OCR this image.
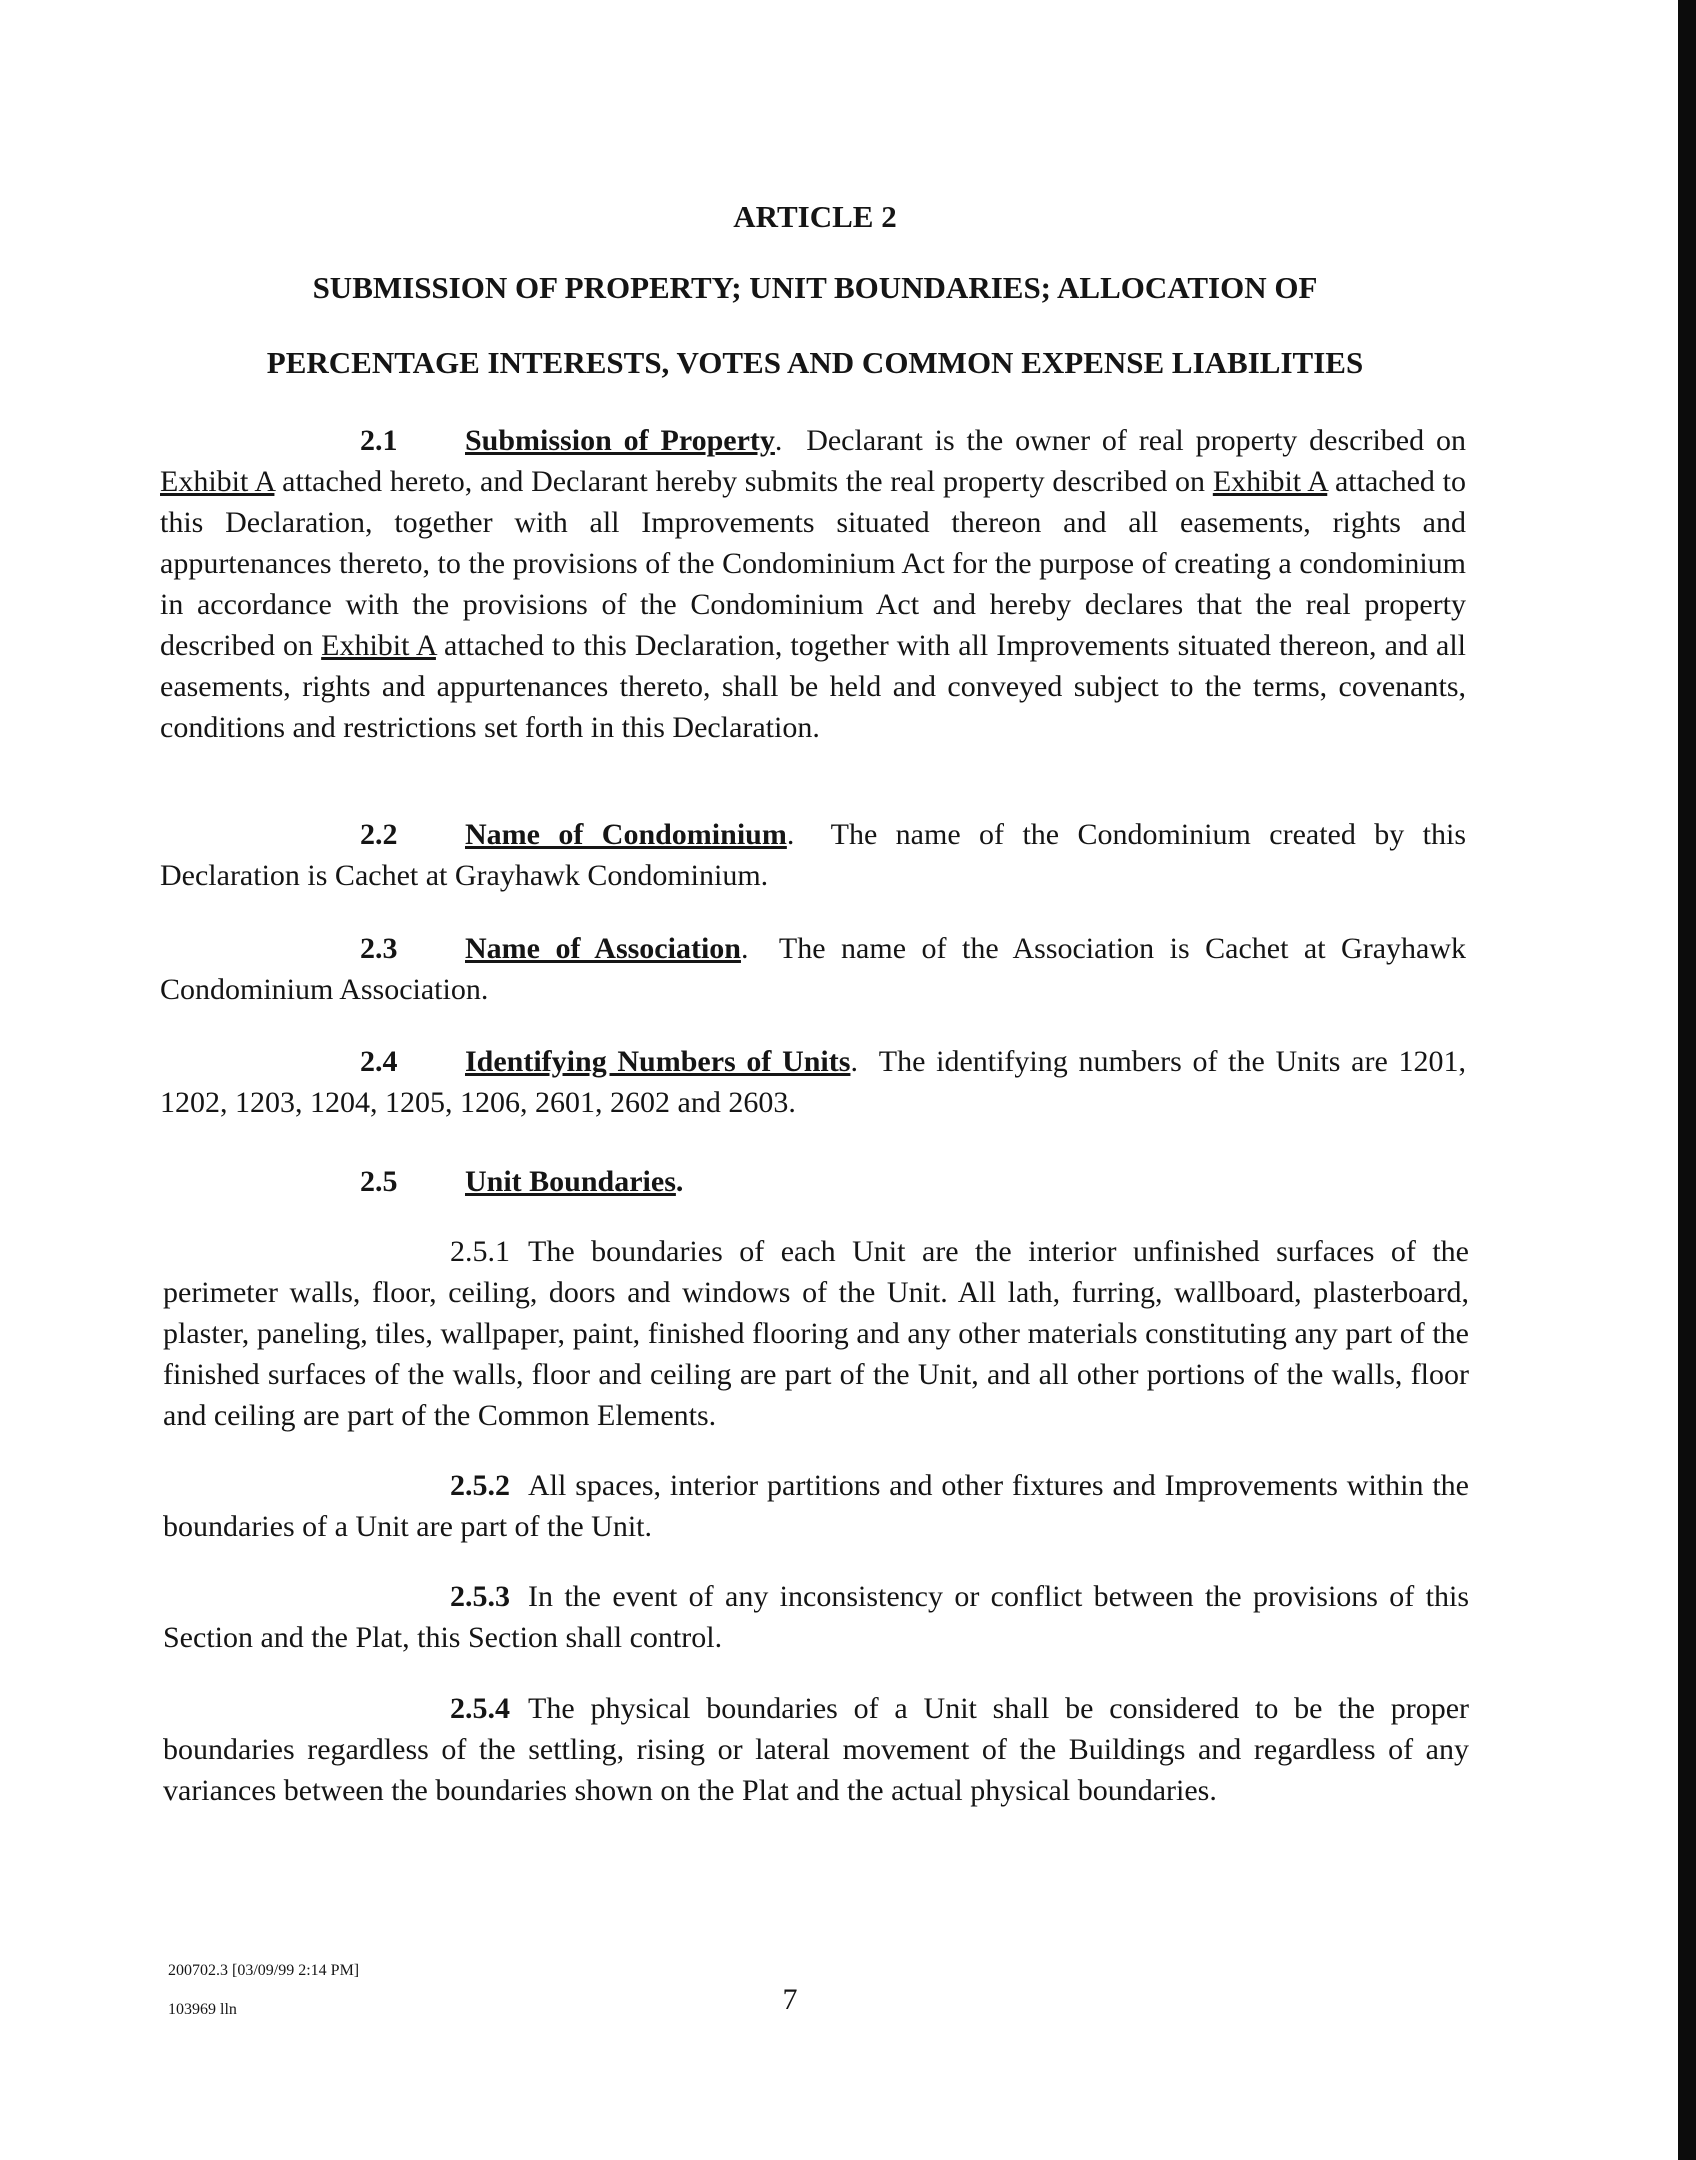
ARTICLE 2

SUBMISSION OF PROPERTY; UNIT BOUNDARIES; ALLOCATION OF

PERCENTAGE INTERESTS, VOTES AND COMMON EXPENSE LIABILITIES

2.1 Submission of Property. Declarant is the owner of real property described on Exhibit A attached hereto, and Declarant hereby submits the real property described on Exhibit A attached to this Declaration, together with all Improvements situated thereon and all easements, rights and appurtenances thereto, to the provisions of the Condominium Act for the purpose of creating a condominium in accordance with the provisions of the Condominium Act and hereby declares that the real property described on Exhibit A attached to this Declaration, together with all Improvements situated thereon, and all easements, rights and appurtenances thereto, shall be held and conveyed subject to the terms, covenants, conditions and restrictions set forth in this Declaration.

2.2 Name of Condominium. The name of the Condominium created by this Declaration is Cachet at Grayhawk Condominium.

2.3 Name of Association. The name of the Association is Cachet at Grayhawk Condominium Association.

2.4 Identifying Numbers of Units. The identifying numbers of the Units are 1201, 1202, 1203, 1204, 1205, 1206, 2601, 2602 and 2603.

2.5 Unit Boundaries.

2.5.1 The boundaries of each Unit are the interior unfinished surfaces of the perimeter walls, floor, ceiling, doors and windows of the Unit. All lath, furring, wallboard, plasterboard, plaster, paneling, tiles, wallpaper, paint, finished flooring and any other materials constituting any part of the finished surfaces of the walls, floor and ceiling are part of the Unit, and all other portions of the walls, floor and ceiling are part of the Common Elements.

2.5.2 All spaces, interior partitions and other fixtures and Improvements within the boundaries of a Unit are part of the Unit.

2.5.3 In the event of any inconsistency or conflict between the provisions of this Section and the Plat, this Section shall control.

2.5.4 The physical boundaries of a Unit shall be considered to be the proper boundaries regardless of the settling, rising or lateral movement of the Buildings and regardless of any variances between the boundaries shown on the Plat and the actual physical boundaries.

200702.3 [03/09/99 2:14 PM]

103969 lln	7
